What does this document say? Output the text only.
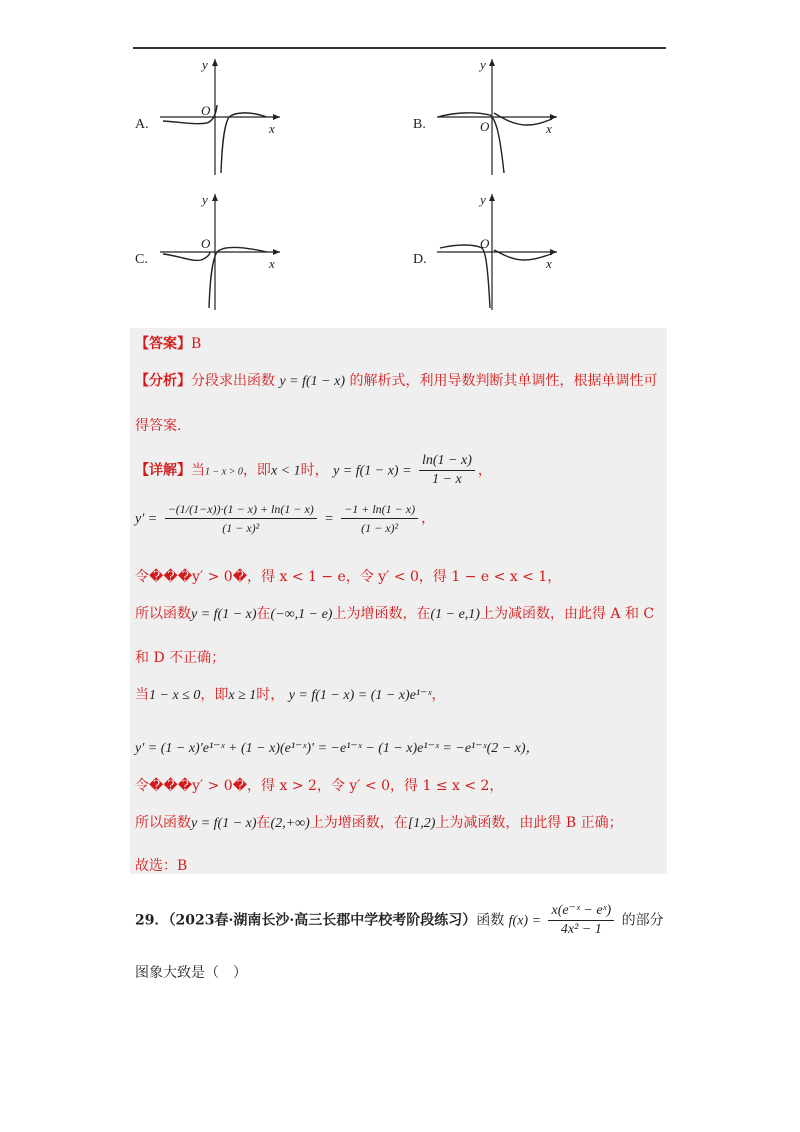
A.
y
O
x	B.
y
O	x
C.
y
O
x	D.
y
O
x
【答案】B
【分析】分段求出函数 y = f(1 − x) 的解析式，利用导数判断其单调性，根据单调性可
得答案.
【详解】当1 − x > 0，即x < 1时， $y = f(1 - x) = \frac{\ln(1 - x)}{1 - x}$ ，
$y' = \frac{-(1/(1-x))\cdot(1 - x) + \ln(1 - x)}{\text{(1 − x)²}} = \frac{-1 + \ln(1 - x)}{\text{(1 − x)²}}$ ，
令���y′ > 0�，得 x < 1 − e，令 y′ < 0，得 1 − e < x < 1，
所以函数y = f(1 − x)在(−∞,1 − e)上为增函数，在(1 − e,1)上为减函数，由此得 A 和 C
和 D 不正确；
当1 − x ≤ 0，即x ≥ 1时， y = f(1 − x) = (1 − x)e¹⁻ˣ，
y′ = (1 − x)′e¹⁻ˣ + (1 − x)(e¹⁻ˣ)′ = −e¹⁻ˣ − (1 − x)e¹⁻ˣ = −e¹⁻ˣ(2 − x)，
令���y′ > 0�，得 x > 2，令 y′ < 0，得 1 ≤ x < 2，
所以函数y = f(1 − x)在(2,+∞)上为增函数，在[1,2)上为减函数，由此得 B 正确；
故选：B
29．（2023春·湖南长沙·高三长郡中学校考阶段练习）函数 $f(x) = \frac{\text{x(e⁻ˣ − eˣ)}}{\text{4x² − 1}}$ 的部分
图象大致是（　）
